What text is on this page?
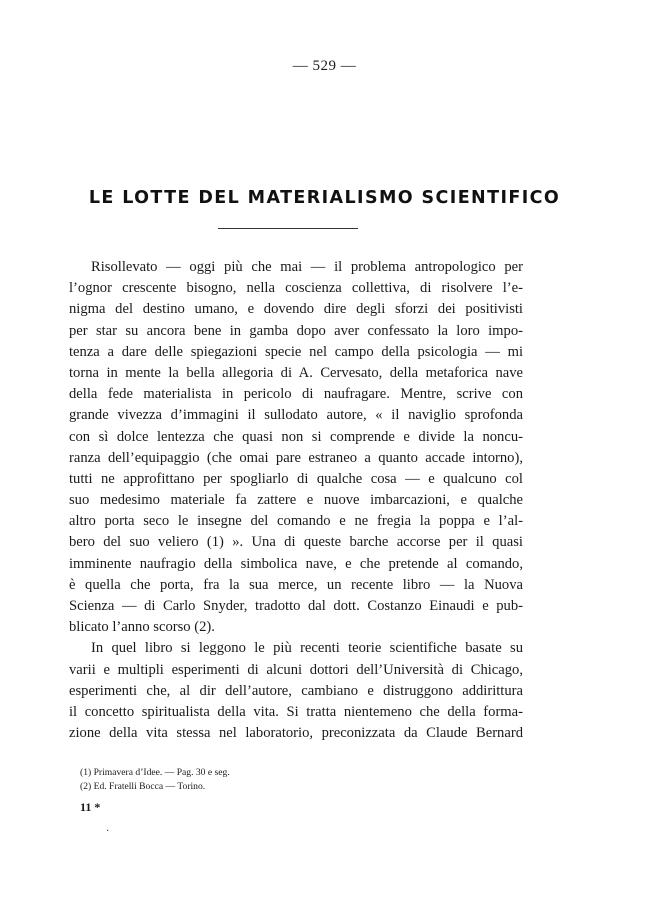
— 529 —
LE LOTTE DEL MATERIALISMO SCIENTIFICO
Risollevato — oggi più che mai — il problema antropologico per
l’ognor crescente bisogno, nella coscienza collettiva, di risolvere l’e-
nigma del destino umano, e dovendo dire degli sforzi dei positivisti
per star su ancora bene in gamba dopo aver confessato la loro impo-
tenza a dare delle spiegazioni specie nel campo della psicologia — mi
torna in mente la bella allegoria di A. Cervesato, della metaforica nave
della fede materialista in pericolo di naufragare. Mentre, scrive con
grande vivezza d’immagini il sullodato autore, « il naviglio sprofonda
con sì dolce lentezza che quasi non si comprende e divide la noncu-
ranza dell’equipaggio (che omai pare estraneo a quanto accade intorno),
tutti ne approfittano per spogliarlo di qualche cosa — e qualcuno col
suo medesimo materiale fa zattere e nuove imbarcazioni, e qualche
altro porta seco le insegne del comando e ne fregia la poppa e l’al-
bero del suo veliero (1) ». Una di queste barche accorse per il quasi
imminente naufragio della simbolica nave, e che pretende al comando,
è quella che porta, fra la sua merce, un recente libro — la Nuova
Scienza — di Carlo Snyder, tradotto dal dott. Costanzo Einaudi e pub-
blicato l’anno scorso (2).
In quel libro si leggono le più recenti teorie scientifiche basate su
varii e multipli esperimenti di alcuni dottori dell’Università di Chicago,
esperimenti che, al dir dell’autore, cambiano e distruggono addirittura
il concetto spiritualista della vita. Si tratta nientemeno che della forma-
zione della vita stessa nel laboratorio, preconizzata da Claude Bernard
(1) Primavera d’Idee. — Pag. 30 e seg.
(2) Ed. Fratelli Bocca — Torino.
11 *
·
